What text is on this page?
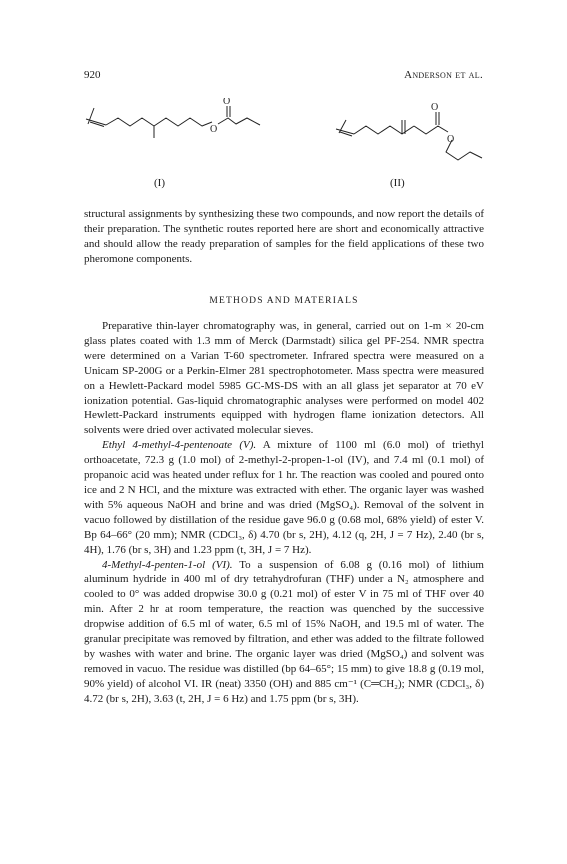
920	Anderson et al.
O
O
O
O
(I)	(II)

structural assignments by synthesizing these two compounds, and now report the details of their preparation. The synthetic routes reported here are short and economically attractive and should allow the ready preparation of samples for the field applications of these two pheromone components.

METHODS AND MATERIALS

Preparative thin-layer chromatography was, in general, carried out on 1-m × 20-cm glass plates coated with 1.3 mm of Merck (Darmstadt) silica gel PF-254. NMR spectra were determined on a Varian T-60 spectrometer. Infrared spectra were measured on a Unicam SP-200G or a Perkin-Elmer 281 spectrophotometer. Mass spectra were measured on a Hewlett-Packard model 5985 GC-MS-DS with an all glass jet separator at 70 eV ionization potential. Gas-liquid chromatographic analyses were performed on model 402 Hewlett-Packard instruments equipped with hydrogen flame ionization detectors. All solvents were dried over activated molecular sieves.

Ethyl 4-methyl-4-pentenoate (V). A mixture of 1100 ml (6.0 mol) of triethyl orthoacetate, 72.3 g (1.0 mol) of 2-methyl-2-propen-1-ol (IV), and 7.4 ml (0.1 mol) of propanoic acid was heated under reflux for 1 hr. The reaction was cooled and poured onto ice and 2 N HCl, and the mixture was extracted with ether. The organic layer was washed with 5% aqueous NaOH and brine and was dried (MgSO₄). Removal of the solvent in vacuo followed by distillation of the residue gave 96.0 g (0.68 mol, 68% yield) of ester V. Bp 64–66° (20 mm); NMR (CDCl₃, δ) 4.70 (br s, 2H), 4.12 (q, 2H, J = 7 Hz), 2.40 (br s, 4H), 1.76 (br s, 3H) and 1.23 ppm (t, 3H, J = 7 Hz).

4-Methyl-4-penten-1-ol (VI). To a suspension of 6.08 g (0.16 mol) of lithium aluminum hydride in 400 ml of dry tetrahydrofuran (THF) under a N₂ atmosphere and cooled to 0° was added dropwise 30.0 g (0.21 mol) of ester V in 75 ml of THF over 40 min. After 2 hr at room temperature, the reaction was quenched by the successive dropwise addition of 6.5 ml of water, 6.5 ml of 15% NaOH, and 19.5 ml of water. The granular precipitate was removed by filtration, and ether was added to the filtrate followed by washes with water and brine. The organic layer was dried (MgSO₄) and solvent was removed in vacuo. The residue was distilled (bp 64–65°; 15 mm) to give 18.8 g (0.19 mol, 90% yield) of alcohol VI. IR (neat) 3350 (OH) and 885 cm⁻¹ (C═CH₂); NMR (CDCl₃, δ) 4.72 (br s, 2H), 3.63 (t, 2H, J = 6 Hz) and 1.75 ppm (br s, 3H).
